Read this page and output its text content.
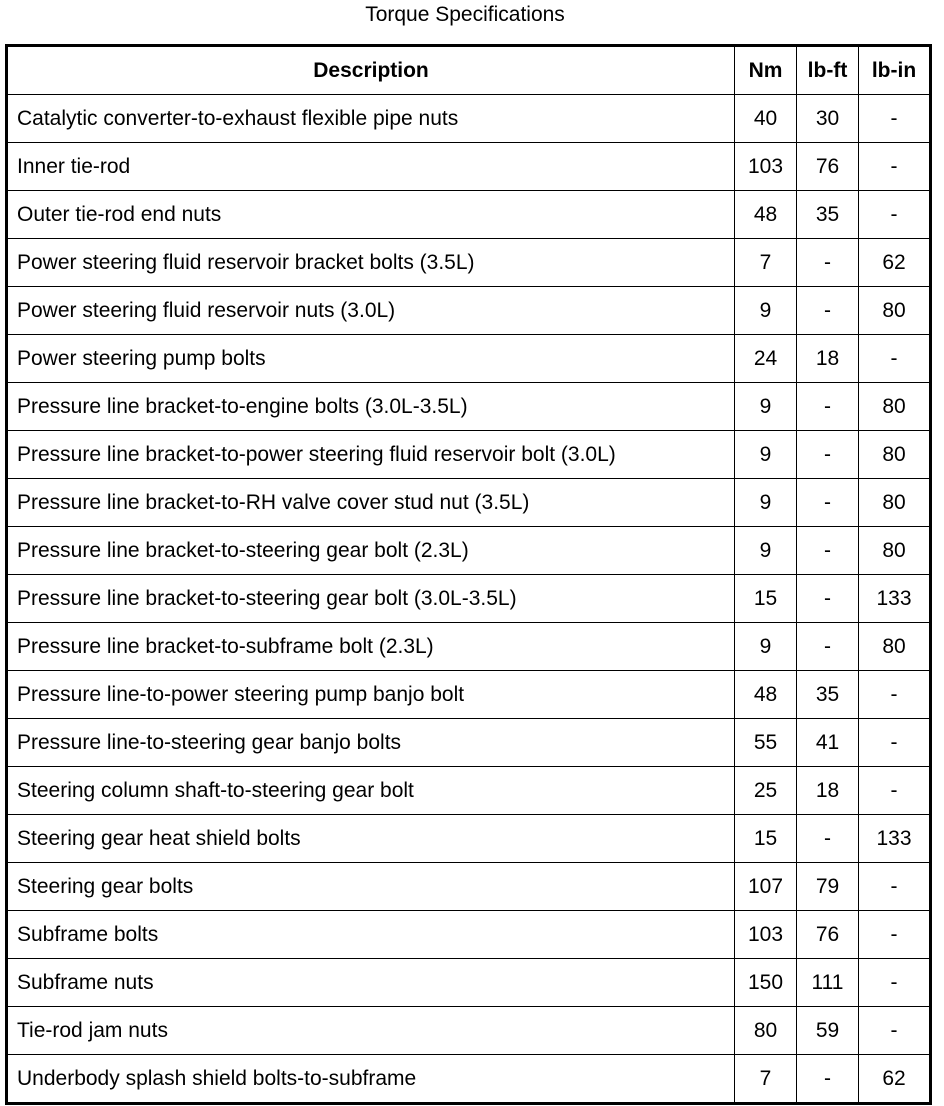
Torque Specifications
Description	Nm	lb-ft	lb-in
Catalytic converter-to-exhaust flexible pipe nuts	40	30	-
Inner tie-rod	103	76	-
Outer tie-rod end nuts	48	35	-
Power steering fluid reservoir bracket bolts (3.5L)	7	-	62
Power steering fluid reservoir nuts (3.0L)	9	-	80
Power steering pump bolts	24	18	-
Pressure line bracket-to-engine bolts (3.0L-3.5L)	9	-	80
Pressure line bracket-to-power steering fluid reservoir bolt (3.0L)	9	-	80
Pressure line bracket-to-RH valve cover stud nut (3.5L)	9	-	80
Pressure line bracket-to-steering gear bolt (2.3L)	9	-	80
Pressure line bracket-to-steering gear bolt (3.0L-3.5L)	15	-	133
Pressure line bracket-to-subframe bolt (2.3L)	9	-	80
Pressure line-to-power steering pump banjo bolt	48	35	-
Pressure line-to-steering gear banjo bolts	55	41	-
Steering column shaft-to-steering gear bolt	25	18	-
Steering gear heat shield bolts	15	-	133
Steering gear bolts	107	79	-
Subframe bolts	103	76	-
Subframe nuts	150	111	-
Tie-rod jam nuts	80	59	-
Underbody splash shield bolts-to-subframe	7	-	62
